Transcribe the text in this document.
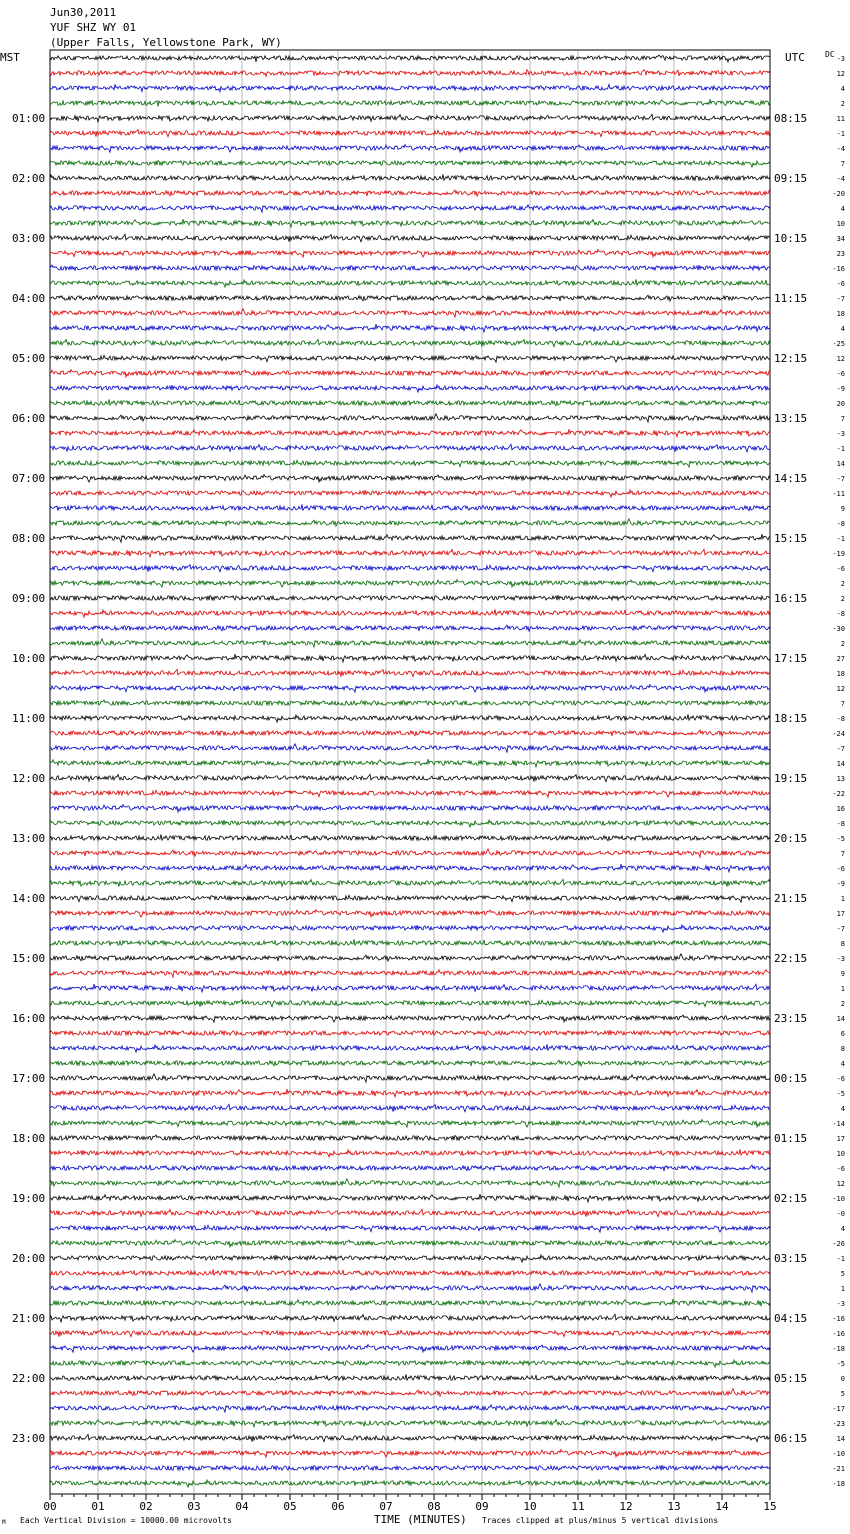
Jun30,2011
YUF SHZ WY 01
(Upper Falls, Yellowstone Park, WY)
MST	UTC	DC
01:00
02:00
03:00
04:00
05:00
06:00
07:00
08:00
09:00
10:00
11:00
12:00
13:00
14:00
15:00
16:00
17:00
18:00
19:00
20:00
21:00
22:00
23:00
08:15
09:15
10:15
11:15
12:15
13:15
14:15
15:15
16:15
17:15
18:15
19:15
20:15
21:15
22:15
23:15
00:15
01:15
02:15
03:15
04:15
05:15
06:15
-3
12
4
2
11
-1
-4
7
-4
-20
4
10
34
23
-16
-6
-7
18
4
-25
12
-6
-9
20
7
-3
-1
14
-7
-11
9
-8
-1
-19
-6
2
2
-8
-30
2
27
18
12
7
-8
-24
-7
14
13
-22
16
-8
-5
7
-6
-9
1
17
-7
8
-3
9
1
2
14
6
8
4
-6
-5
4
-14
17
10
-6
12
-10
-0
4
-26
-1
5
1
-3
-16
-16
-18
-5
0
5
-17
-23
14
-10
-21
-18
00	01	02	03	04	05	06	07	08	09	10	11	12	13	14	15
M Each Vertical Division = 10000.00 microvolts	TIME (MINUTES) Traces clipped at plus/minus 5 vertical divisions
